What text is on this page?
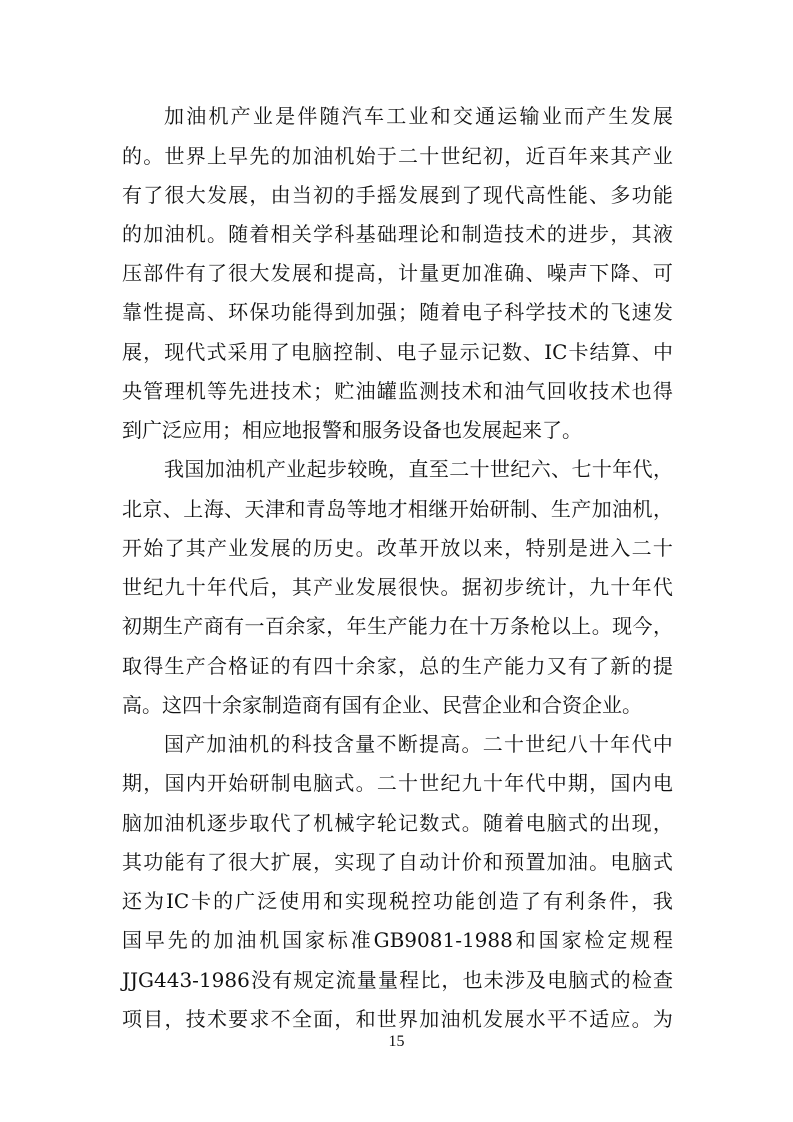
加 油 机 产 业 是 伴 随 汽 车 工 业 和 交 通 运 输 业 而 产 生 发 展
的 。 世 界 上 早 先 的 加 油 机 始 于 二 十 世 纪 初 ， 近 百 年 来 其 产 业
有 了 很 大 发 展 ， 由 当 初 的 手 摇 发 展 到 了 现 代 高 性 能 、 多 功 能
的 加 油 机 。 随 着 相 关 学 科 基 础 理 论 和 制 造 技 术 的 进 步 ， 其 液
压 部 件 有 了 很 大 发 展 和 提 高 ， 计 量 更 加 准 确 、 噪 声 下 降 、 可
靠 性 提 高 、 环 保 功 能 得 到 加 强 ； 随 着 电 子 科 学 技 术 的 飞 速 发
展 ， 现 代 式 采 用 了 电 脑 控 制 、 电 子 显 示 记 数 、 IC 卡 结 算 、 中
央 管 理 机 等 先 进 技 术 ； 贮 油 罐 监 测 技 术 和 油 气 回 收 技 术 也 得
到广泛应用；相应地报警和服务设备也发展起来了。
我 国 加 油 机 产 业 起 步 较 晚 ， 直 至 二 十 世 纪 六 、 七 十 年 代 ，
北 京 、 上 海 、 天 津 和 青 岛 等 地 才 相 继 开 始 研 制 、 生 产 加 油 机 ，
开 始 了 其 产 业 发 展 的 历 史 。 改 革 开 放 以 来 ， 特 别 是 进 入 二 十
世 纪 九 十 年 代 后 ， 其 产 业 发 展 很 快 。 据 初 步 统 计 ， 九 十 年 代
初 期 生 产 商 有 一 百 余 家 ， 年 生 产 能 力 在 十 万 条 枪 以 上 。 现 今 ，
取 得 生 产 合 格 证 的 有 四 十 余 家 ， 总 的 生 产 能 力 又 有 了 新 的 提
高。这四十余家制造商有国有企业、民营企业和合资企业。
国 产 加 油 机 的 科 技 含 量 不 断 提 高 。 二 十 世 纪 八 十 年 代 中
期 ， 国 内 开 始 研 制 电 脑 式 。 二 十 世 纪 九 十 年 代 中 期 ， 国 内 电
脑 加 油 机 逐 步 取 代 了 机 械 字 轮 记 数 式 。 随 着 电 脑 式 的 出 现 ，
其 功 能 有 了 很 大 扩 展 ， 实 现 了 自 动 计 价 和 预 置 加 油 。 电 脑 式
还 为 IC 卡 的 广 泛 使 用 和 实 现 税 控 功 能 创 造 了 有 利 条 件 ， 我
国 早 先 的 加 油 机 国 家 标 准 GB9081-1988 和 国 家 检 定 规 程
JJG443-1986 没 有 规 定 流 量 量 程 比 ， 也 未 涉 及 电 脑 式 的 检 查
项 目 ， 技 术 要 求 不 全 面 ， 和 世 界 加 油 机 发 展 水 平 不 适 应 。 为
15
